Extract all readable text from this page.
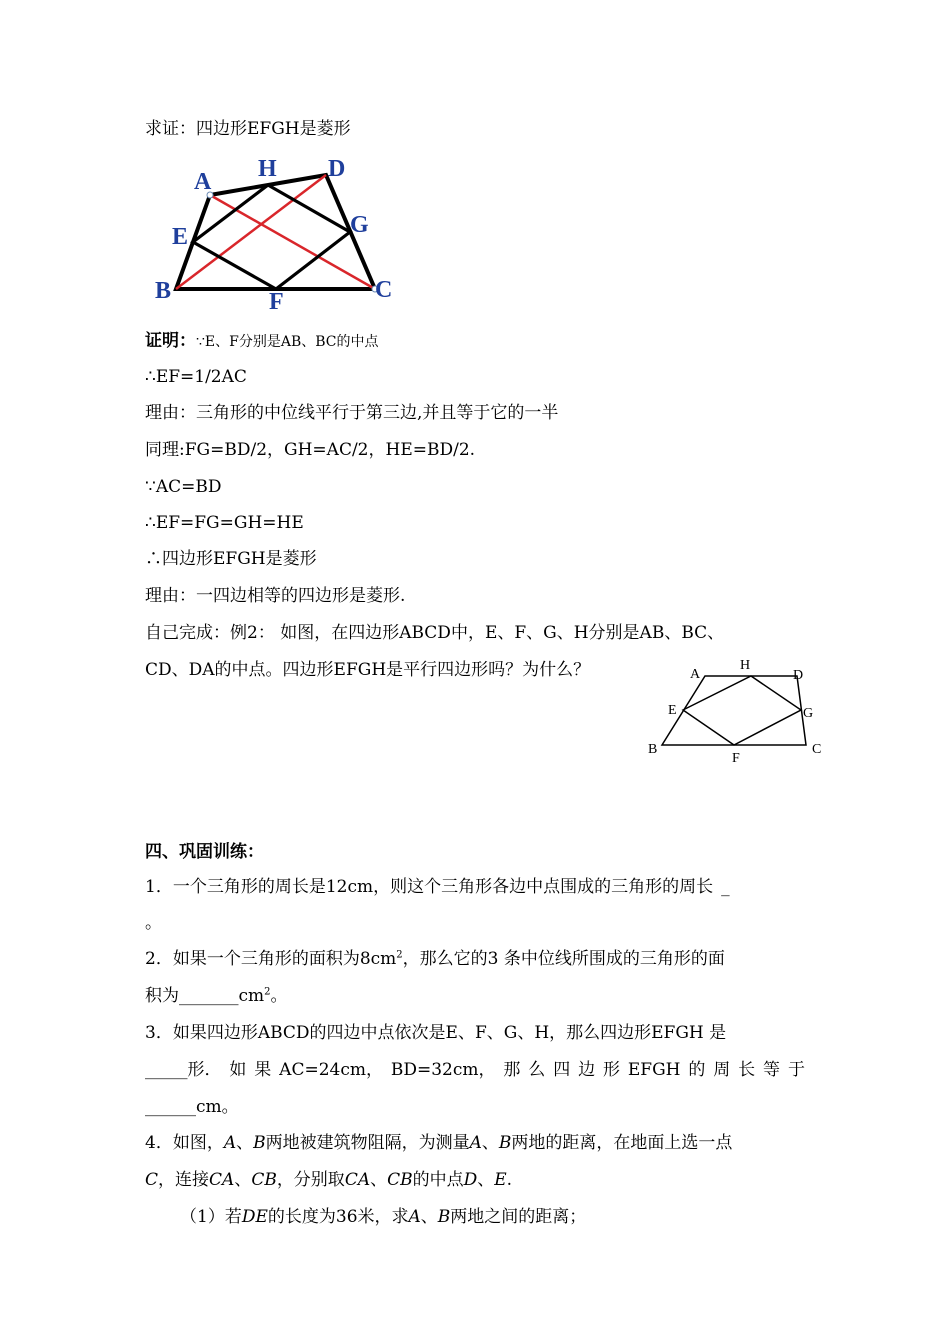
求证：四边形EFGH是菱形
A H D
E	G
B	F	C
证明：∵E、F分别是AB、BC的中点
∴EF=1/2AC
理由：三角形的中位线平行于第三边,并且等于它的一半
同理:FG=BD/2，GH=AC/2，HE=BD/2.
∵AC=BD
∴EF=FG=GH=HE
∴四边形EFGH是菱形
理由：一四边相等的四边形是菱形.
自己完成：例2： 如图，在四边形ABCD中，E、F、G、H分别是AB、BC、
CD、DA的中点。四边形EFGH是平行四边形吗？为什么？	A
H
D
E	G
B
F
C
四、巩固训练：
1．一个三角形的周长是12cm，则这个三角形各边中点围成的三角形的周长 _
。
2．如果一个三角形的面积为$8cm^2$，那么它的3 条中位线所围成的三角形的面
积为$\_\_\_\_\_\_\_cm^2$。
3．如果四边形ABCD的四边中点依次是E、F、G、H，那么四边形EFGH 是
_____形． 如 果 AC=24cm， BD=32cm， 那 么 四 边 形 EFGH 的 周 长 等 于
______cm。
4．如图，A、B两地被建筑物阻隔，为测量A、B两地的距离，在地面上选一点
C，连接CA、CB，分别取CA、CB的中点D、E.
（1）若DE的长度为36米，求A、B两地之间的距离；
